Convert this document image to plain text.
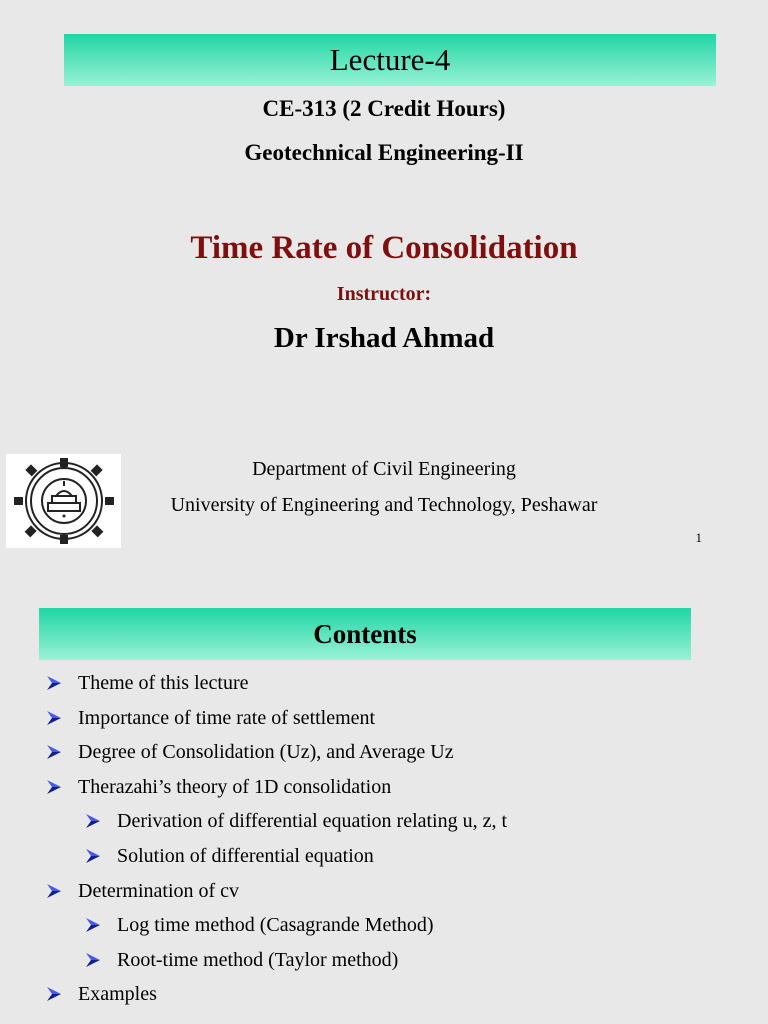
Lecture-4
CE-313 (2 Credit Hours)
Geotechnical Engineering-II
Time Rate of Consolidation
Instructor:
Dr Irshad Ahmad
Department of Civil Engineering
University of Engineering and Technology, Peshawar
1
Contents
Theme of this lecture
Importance of time rate of settlement
Degree of Consolidation (Uz), and Average Uz
Therazahi’s theory of 1D consolidation
Derivation of differential equation relating u, z, t
Solution of differential equation
Determination of cv
Log time method (Casagrande Method)
Root-time method (Taylor method)
Examples
